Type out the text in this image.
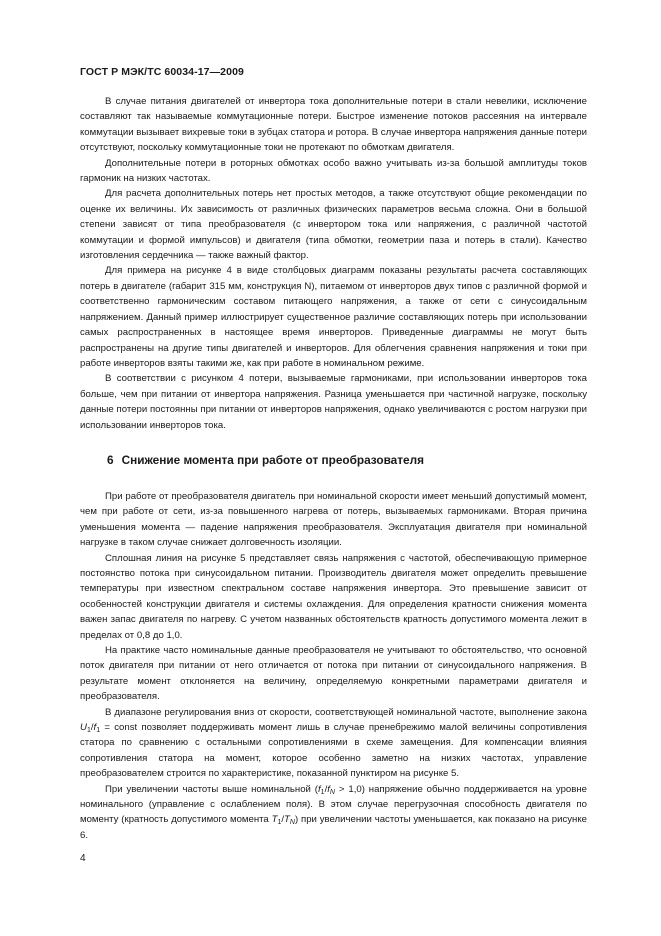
ГОСТ Р МЭК/ТС 60034-17—2009

В случае питания двигателей от инвертора тока дополнительные потери в стали невелики, исключение составляют так называемые коммутационные потери. Быстрое изменение потоков рассеяния на интервале коммутации вызывает вихревые токи в зубцах статора и ротора. В случае инвертора напряжения данные потери отсутствуют, поскольку коммутационные токи не протекают по обмоткам двигателя.

Дополнительные потери в роторных обмотках особо важно учитывать из-за большой амплитуды токов гармоник на низких частотах.

Для расчета дополнительных потерь нет простых методов, а также отсутствуют общие рекомендации по оценке их величины. Их зависимость от различных физических параметров весьма сложна. Они в большой степени зависят от типа преобразователя (с инвертором тока или напряжения, с различной частотой коммутации и формой импульсов) и двигателя (типа обмотки, геометрии паза и потерь в стали). Качество изготовления сердечника — также важный фактор.

Для примера на рисунке 4 в виде столбцовых диаграмм показаны результаты расчета составляющих потерь в двигателе (габарит 315 мм, конструкция N), питаемом от инверторов двух типов с различной формой и соответственно гармоническим составом питающего напряжения, а также от сети с синусоидальным напряжением. Данный пример иллюстрирует существенное различие составляющих потерь при использовании самых распространенных в настоящее время инверторов. Приведенные диаграммы не могут быть распространены на другие типы двигателей и инверторов. Для облегчения сравнения напряжения и токи при работе инверторов взяты такими же, как при работе в номинальном режиме.

В соответствии с рисунком 4 потери, вызываемые гармониками, при использовании инверторов тока больше, чем при питании от инвертора напряжения. Разница уменьшается при частичной нагрузке, поскольку данные потери постоянны при питании от инверторов напряжения, однако увеличиваются с ростом нагрузки при использовании инверторов тока.

6 Снижение момента при работе от преобразователя

При работе от преобразователя двигатель при номинальной скорости имеет меньший допустимый момент, чем при работе от сети, из-за повышенного нагрева от потерь, вызываемых гармониками. Вторая причина уменьшения момента — падение напряжения преобразователя. Эксплуатация двигателя при номинальной нагрузке в таком случае снижает долговечность изоляции.

Сплошная линия на рисунке 5 представляет связь напряжения с частотой, обеспечивающую примерное постоянство потока при синусоидальном питании. Производитель двигателя может определить превышение температуры при известном спектральном составе напряжения инвертора. Это превышение зависит от особенностей конструкции двигателя и системы охлаждения. Для определения кратности снижения момента важен запас двигателя по нагреву. С учетом названных обстоятельств кратность допустимого момента лежит в пределах от 0,8 до 1,0.

На практике часто номинальные данные преобразователя не учитывают то обстоятельство, что основной поток двигателя при питании от него отличается от потока при питании от синусоидального напряжения. В результате момент отклоняется на величину, определяемую конкретными параметрами двигателя и преобразователя.

В диапазоне регулирования вниз от скорости, соответствующей номинальной частоте, выполнение закона $U_1/f_1$ = const позволяет поддерживать момент лишь в случае пренебрежимо малой величины сопротивления статора по сравнению с остальными сопротивлениями в схеме замещения. Для компенсации влияния сопротивления статора на момент, которое особенно заметно на низких частотах, управление преобразователем строится по характеристике, показанной пунктиром на рисунке 5.

При увеличении частоты выше номинальной $(f_1/f_N > 1,0)$ напряжение обычно поддерживается на уровне номинального (управление с ослаблением поля). В этом случае перегрузочная способность двигателя по моменту (кратность допустимого момента $T_1/T_N$) при увеличении частоты уменьшается, как показано на рисунке 6.

4
